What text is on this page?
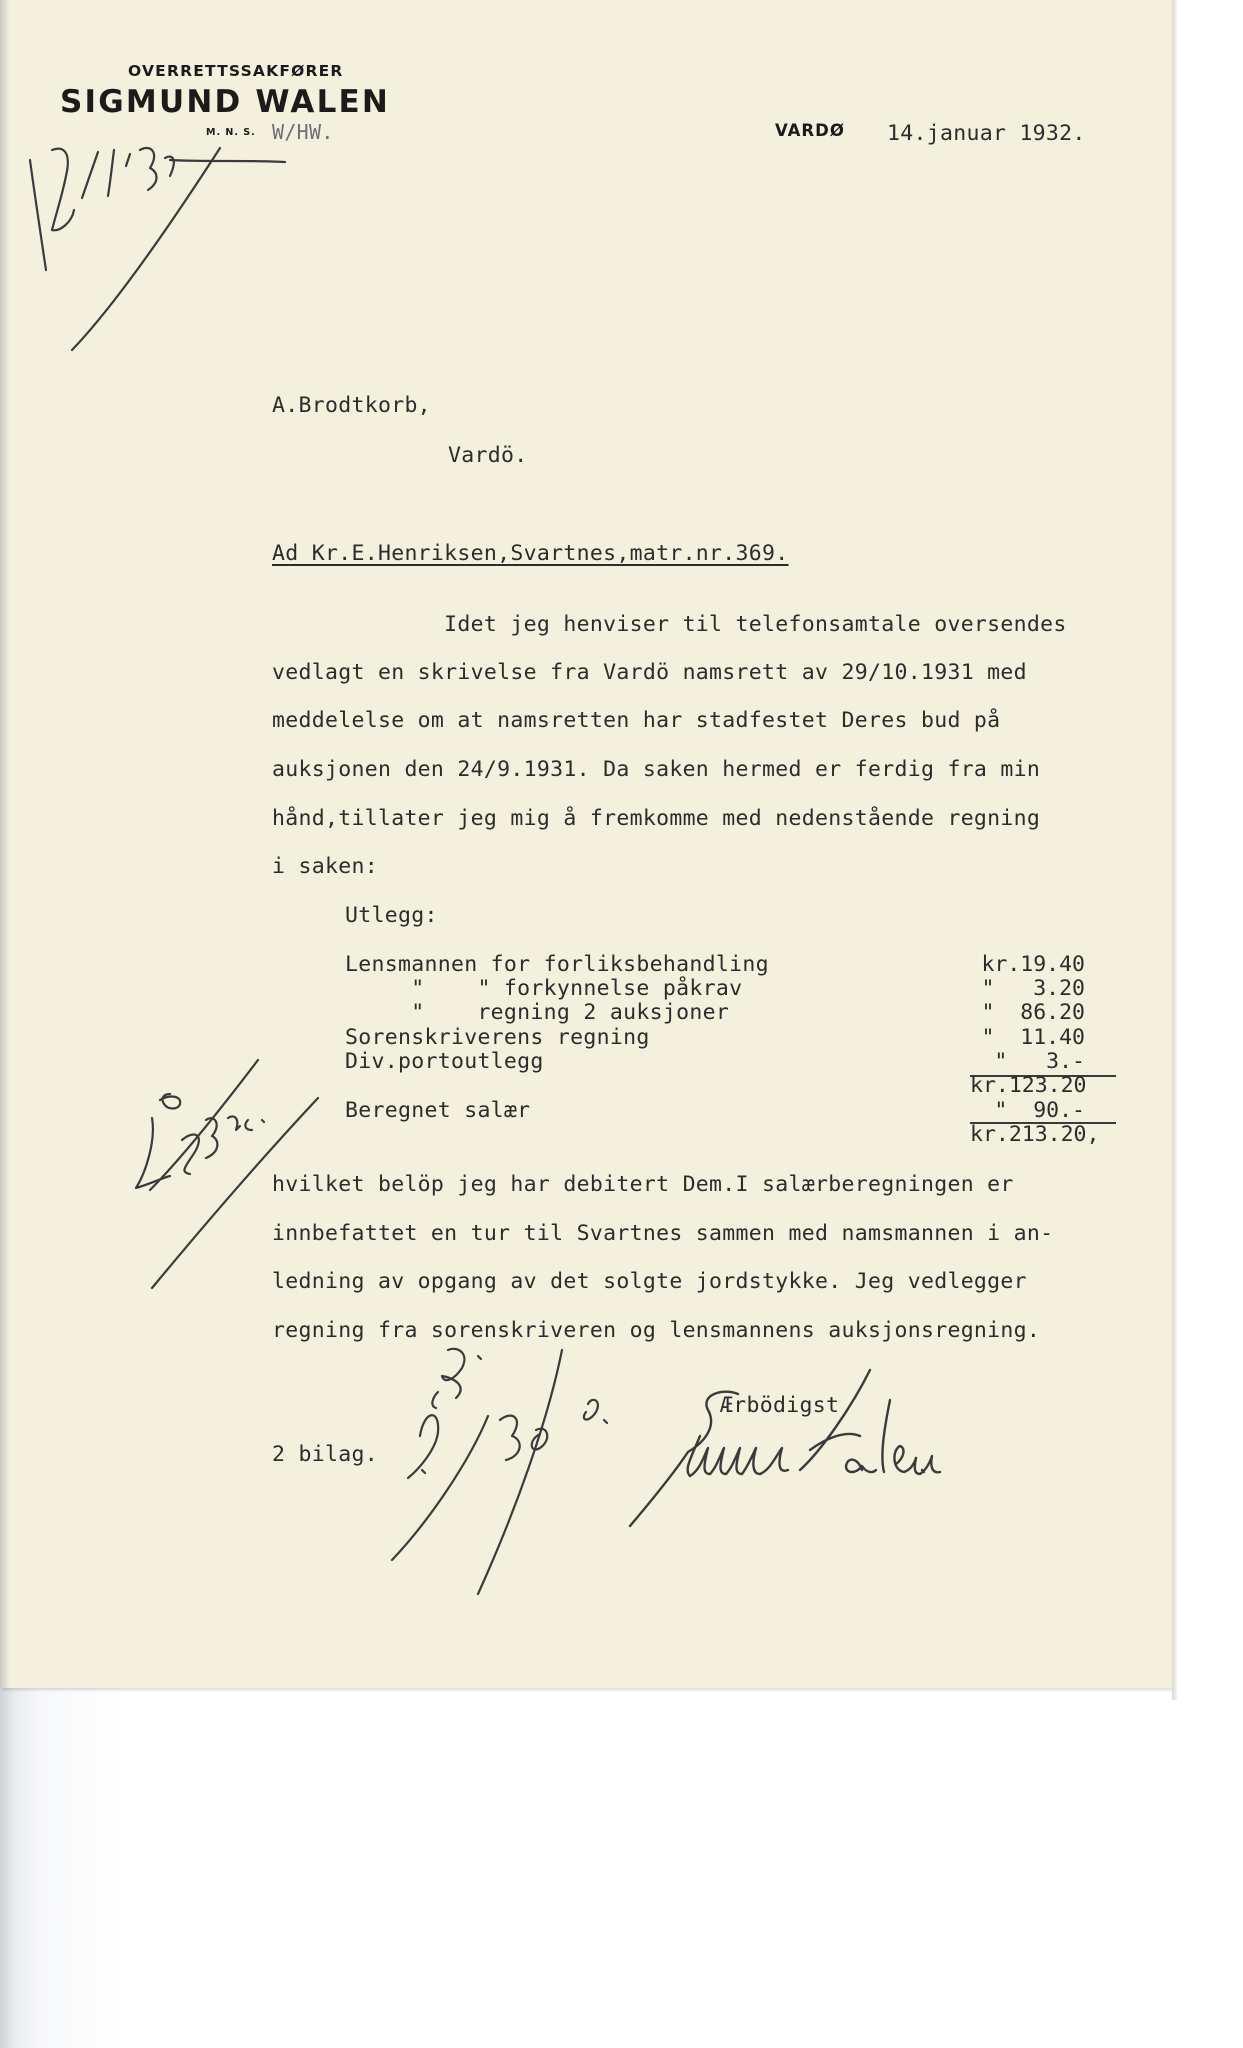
OVERRETTSSAKFØRER
SIGMUND WALEN
M. N. S. W/HW.	VARDØ 14.januar 1932.
A.Brodtkorb,
Vardö.
Ad Kr.E.Henriksen,Svartnes,matr.nr.369.
Idet jeg henviser til telefonsamtale oversendes
vedlagt en skrivelse fra Vardö namsrett av 29/10.1931 med
meddelelse om at namsretten har stadfestet Deres bud på
auksjonen den 24/9.1931. Da saken hermed er ferdig fra min
hånd,tillater jeg mig å fremkomme med nedenstående regning
i saken:
Utlegg:
Lensmannen for forliksbehandling
"    " forkynnelse påkrav
"    regning 2 auksjoner
Sorenskriverens regning
Div.portoutlegg
kr.19.40
"   3.20
"  86.20
"  11.40
"   3.-
kr.123.20
Beregnet salær	"  90.-
kr.213.20,
hvilket belöp jeg har debitert Dem.I salærberegningen er
innbefattet en tur til Svartnes sammen med namsmannen i an-
ledning av opgang av det solgte jordstykke. Jeg vedlegger
regning fra sorenskriveren og lensmannens auksjonsregning.
Ærbödigst
2 bilag.
